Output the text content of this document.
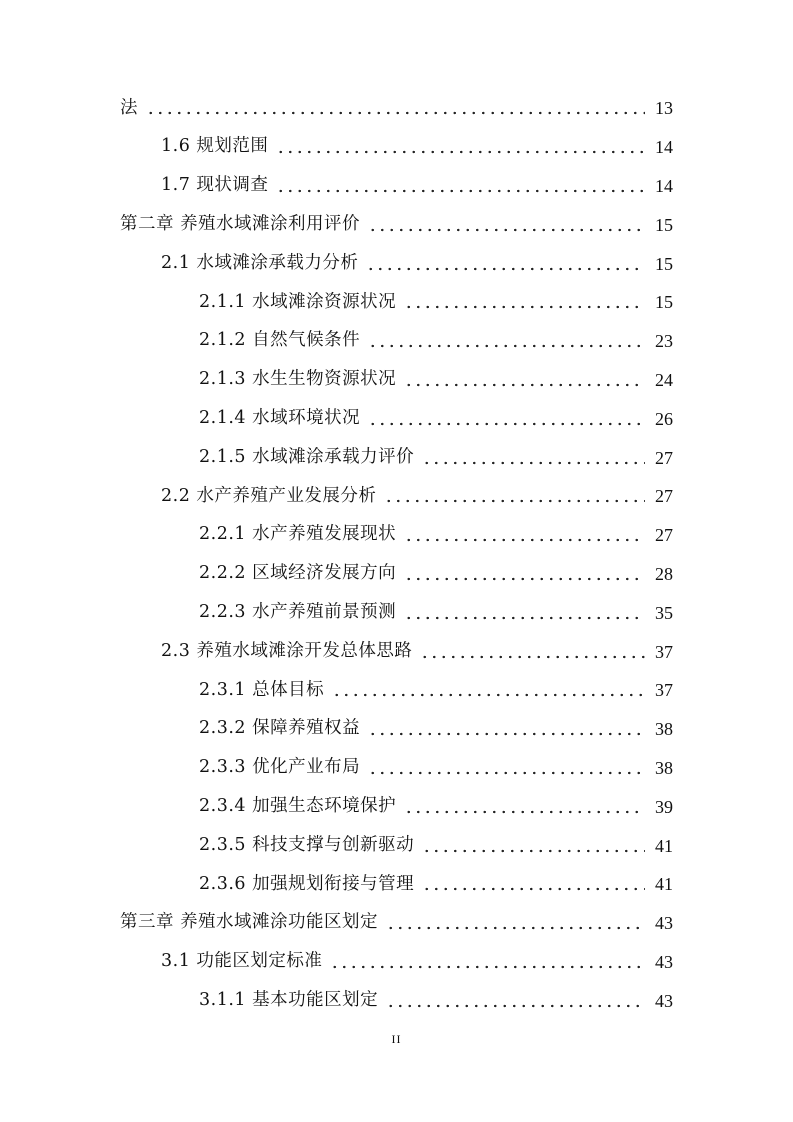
法	13
1.6 规划范围	14
1.7 现状调查	14
第二章 养殖水域滩涂利用评价	15
2.1 水域滩涂承载力分析	15
2.1.1 水域滩涂资源状况	15
2.1.2 自然气候条件	23
2.1.3 水生生物资源状况	24
2.1.4 水域环境状况	26
2.1.5 水域滩涂承载力评价	27
2.2 水产养殖产业发展分析	27
2.2.1 水产养殖发展现状	27
2.2.2 区域经济发展方向	28
2.2.3 水产养殖前景预测	35
2.3 养殖水域滩涂开发总体思路	37
2.3.1 总体目标	37
2.3.2 保障养殖权益	38
2.3.3 优化产业布局	38
2.3.4 加强生态环境保护	39
2.3.5 科技支撑与创新驱动	41
2.3.6 加强规划衔接与管理	41
第三章 养殖水域滩涂功能区划定	43
3.1 功能区划定标准	43
3.1.1 基本功能区划定	43
II
